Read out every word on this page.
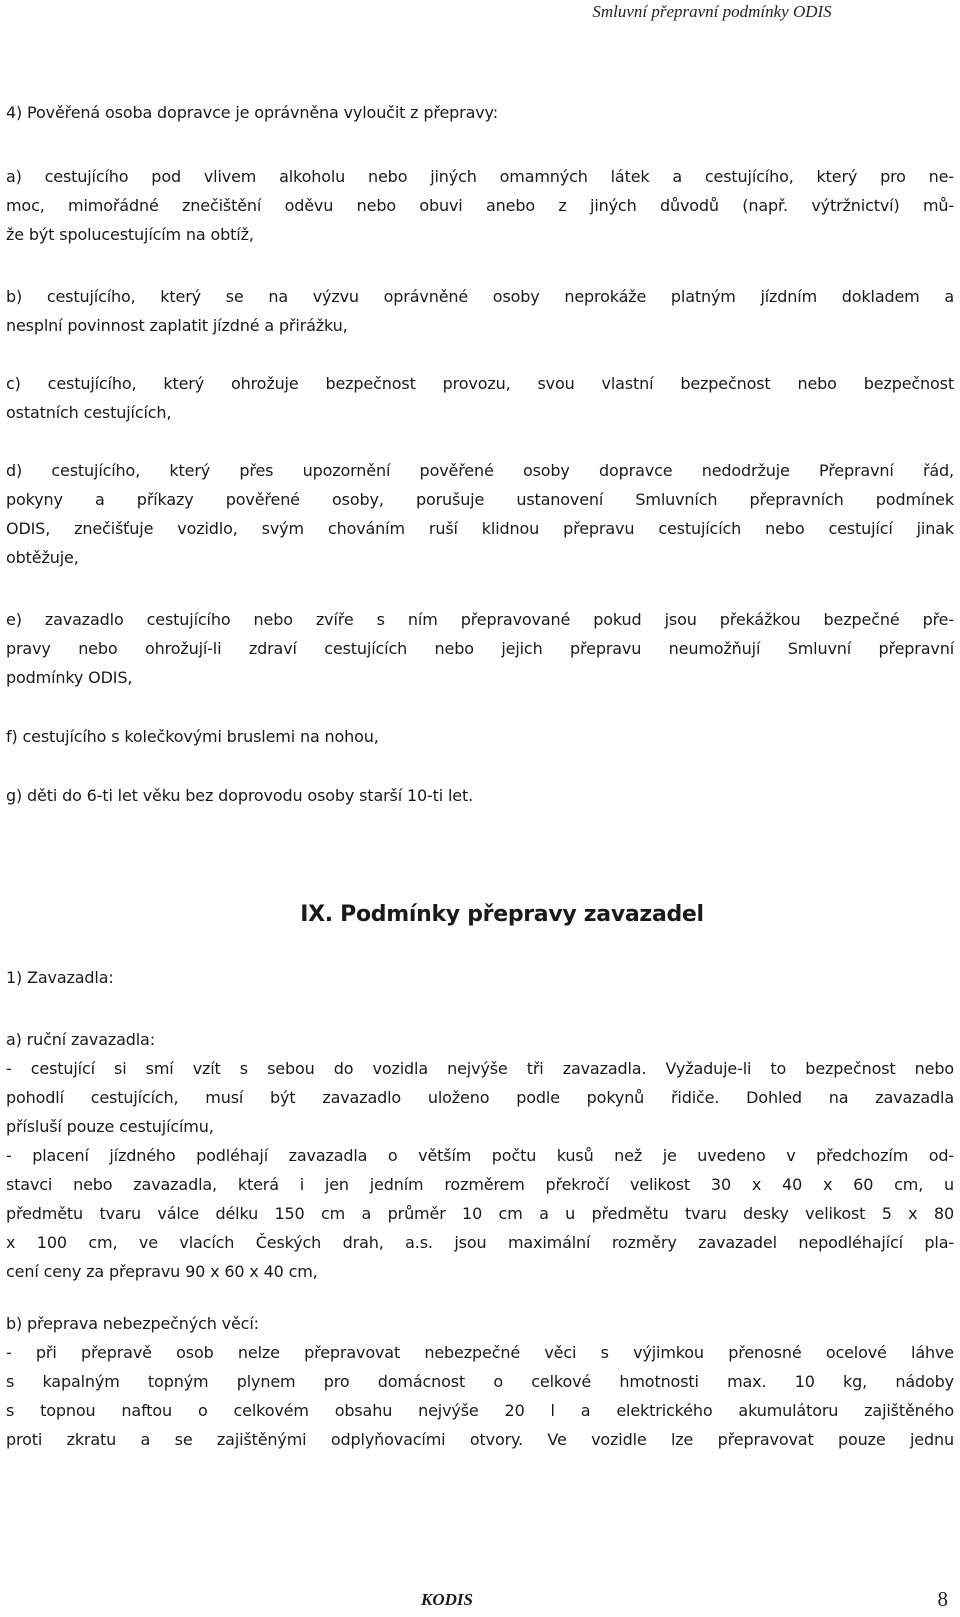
Smluvní přepravní podmínky ODIS

4) Pověřená osoba dopravce je oprávněna vyloučit z přepravy:

a) cestujícího pod vlivem alkoholu nebo jiných omamných látek a cestujícího, který pro ne-
moc, mimořádné znečištění oděvu nebo obuvi anebo z jiných důvodů (např. výtržnictví) mů-
že být spolucestujícím na obtíž,
b) cestujícího, který se na výzvu oprávněné osoby neprokáže platným jízdním dokladem a
nesplní povinnost zaplatit jízdné a přirážku,
c) cestujícího, který ohrožuje bezpečnost provozu, svou vlastní bezpečnost nebo bezpečnost
ostatních cestujících,
d) cestujícího, který přes upozornění pověřené osoby dopravce nedodržuje Přepravní řád,
pokyny a příkazy pověřené osoby, porušuje ustanovení Smluvních přepravních podmínek
ODIS, znečišťuje vozidlo, svým chováním ruší klidnou přepravu cestujících nebo cestující jinak
obtěžuje,
e) zavazadlo cestujícího nebo zvíře s ním přepravované pokud jsou překážkou bezpečné pře-
pravy nebo ohrožují-li zdraví cestujících nebo jejich přepravu neumožňují Smluvní přepravní
podmínky ODIS,
f) cestujícího s kolečkovými bruslemi na nohou,
g) děti do 6-ti let věku bez doprovodu osoby starší 10-ti let.
IX. Podmínky přepravy zavazadel
1) Zavazadla:
a) ruční zavazadla:
- cestující si smí vzít s sebou do vozidla nejvýše tři zavazadla. Vyžaduje-li to bezpečnost nebo
pohodlí cestujících, musí být zavazadlo uloženo podle pokynů řidiče. Dohled na zavazadla
přísluší pouze cestujícímu,
- placení jízdného podléhají zavazadla o větším počtu kusů než je uvedeno v předchozím od-
stavci nebo zavazadla, která i jen jedním rozměrem překročí velikost 30 x 40 x 60 cm, u
předmětu tvaru válce délku 150 cm a průměr 10 cm a u předmětu tvaru desky velikost 5 x 80
x 100 cm, ve vlacích Českých drah, a.s. jsou maximální rozměry zavazadel nepodléhající pla-
cení ceny za přepravu 90 x 60 x 40 cm,
b) přeprava nebezpečných věcí:
- při přepravě osob nelze přepravovat nebezpečné věci s výjimkou přenosné ocelové láhve
s kapalným topným plynem pro domácnost o celkové hmotnosti max. 10 kg, nádoby
s topnou naftou o celkovém obsahu nejvýše 20 l a elektrického akumulátoru zajištěného
proti zkratu a se zajištěnými odplyňovacími otvory. Ve vozidle lze přepravovat pouze jednu
KODIS	8
